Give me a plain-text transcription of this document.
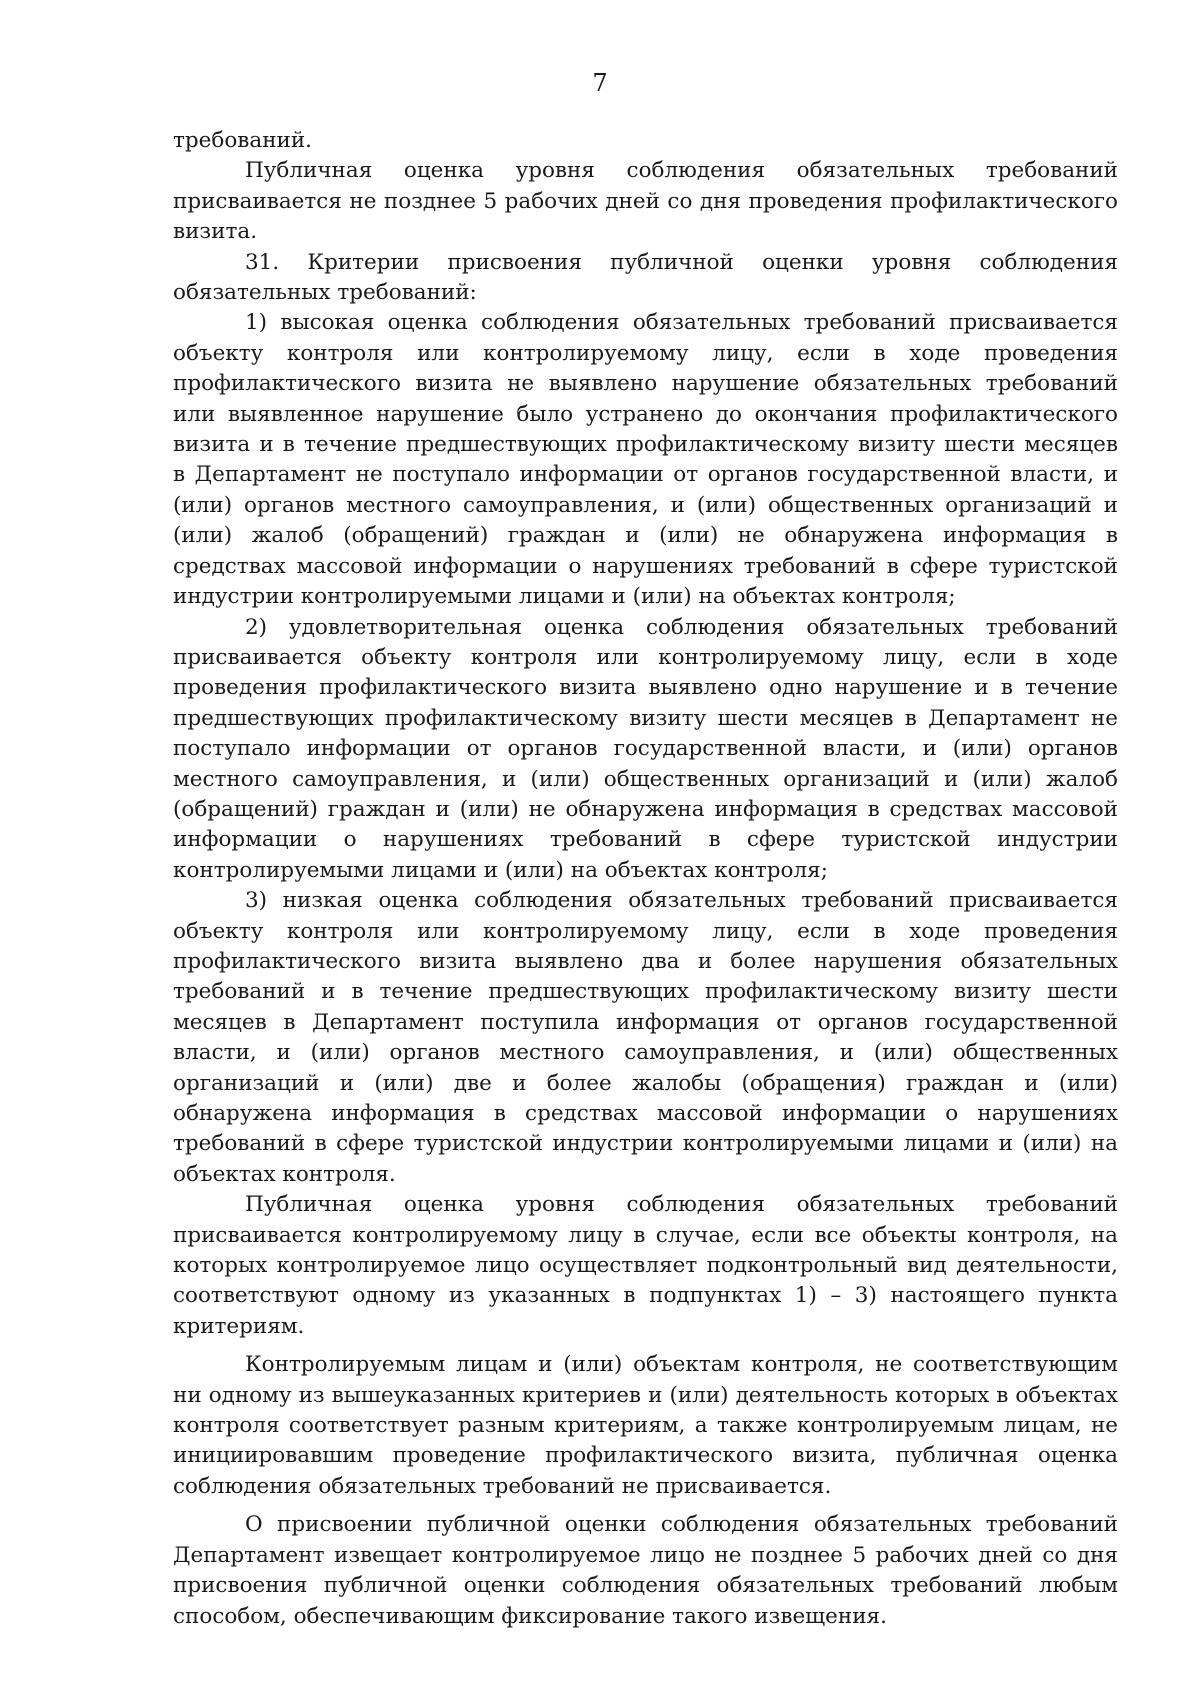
7

требований.

Публичная оценка уровня соблюдения обязательных требований присваивается не позднее 5 рабочих дней со дня проведения профилактического визита.

31. Критерии присвоения публичной оценки уровня соблюдения обязательных требований:

1) высокая оценка соблюдения обязательных требований присваивается объекту контроля или контролируемому лицу, если в ходе проведения профилактического визита не выявлено нарушение обязательных требований или выявленное нарушение было устранено до окончания профилактического визита и в течение предшествующих профилактическому визиту шести месяцев в Департамент не поступало информации от органов государственной власти, и (или) органов местного самоуправления, и (или) общественных организаций и (или) жалоб (обращений) граждан и (или) не обнаружена информация в средствах массовой информации о нарушениях требований в сфере туристской индустрии контролируемыми лицами и (или) на объектах контроля;

2) удовлетворительная оценка соблюдения обязательных требований присваивается объекту контроля или контролируемому лицу, если в ходе проведения профилактического визита выявлено одно нарушение и в течение предшествующих профилактическому визиту шести месяцев в Департамент не поступало информации от органов государственной власти, и (или) органов местного самоуправления, и (или) общественных организаций и (или) жалоб (обращений) граждан и (или) не обнаружена информация в средствах массовой информации о нарушениях требований в сфере туристской индустрии контролируемыми лицами и (или) на объектах контроля;

3) низкая оценка соблюдения обязательных требований присваивается объекту контроля или контролируемому лицу, если в ходе проведения профилактического визита выявлено два и более нарушения обязательных требований и в течение предшествующих профилактическому визиту шести месяцев в Департамент поступила информация от органов государственной власти, и (или) органов местного самоуправления, и (или) общественных организаций и (или) две и более жалобы (обращения) граждан и (или) обнаружена информация в средствах массовой информации о нарушениях требований в сфере туристской индустрии контролируемыми лицами и (или) на объектах контроля.

Публичная оценка уровня соблюдения обязательных требований присваивается контролируемому лицу в случае, если все объекты контроля, на которых контролируемое лицо осуществляет подконтрольный вид деятельности, соответствуют одному из указанных в подпунктах 1) – 3) настоящего пункта критериям.

Контролируемым лицам и (или) объектам контроля, не соответствующим ни одному из вышеуказанных критериев и (или) деятельность которых в объектах контроля соответствует разным критериям, а также контролируемым лицам, не инициировавшим проведение профилактического визита, публичная оценка соблюдения обязательных требований не присваивается.

О присвоении публичной оценки соблюдения обязательных требований Департамент извещает контролируемое лицо не позднее 5 рабочих дней со дня присвоения публичной оценки соблюдения обязательных требований любым способом, обеспечивающим фиксирование такого извещения.
